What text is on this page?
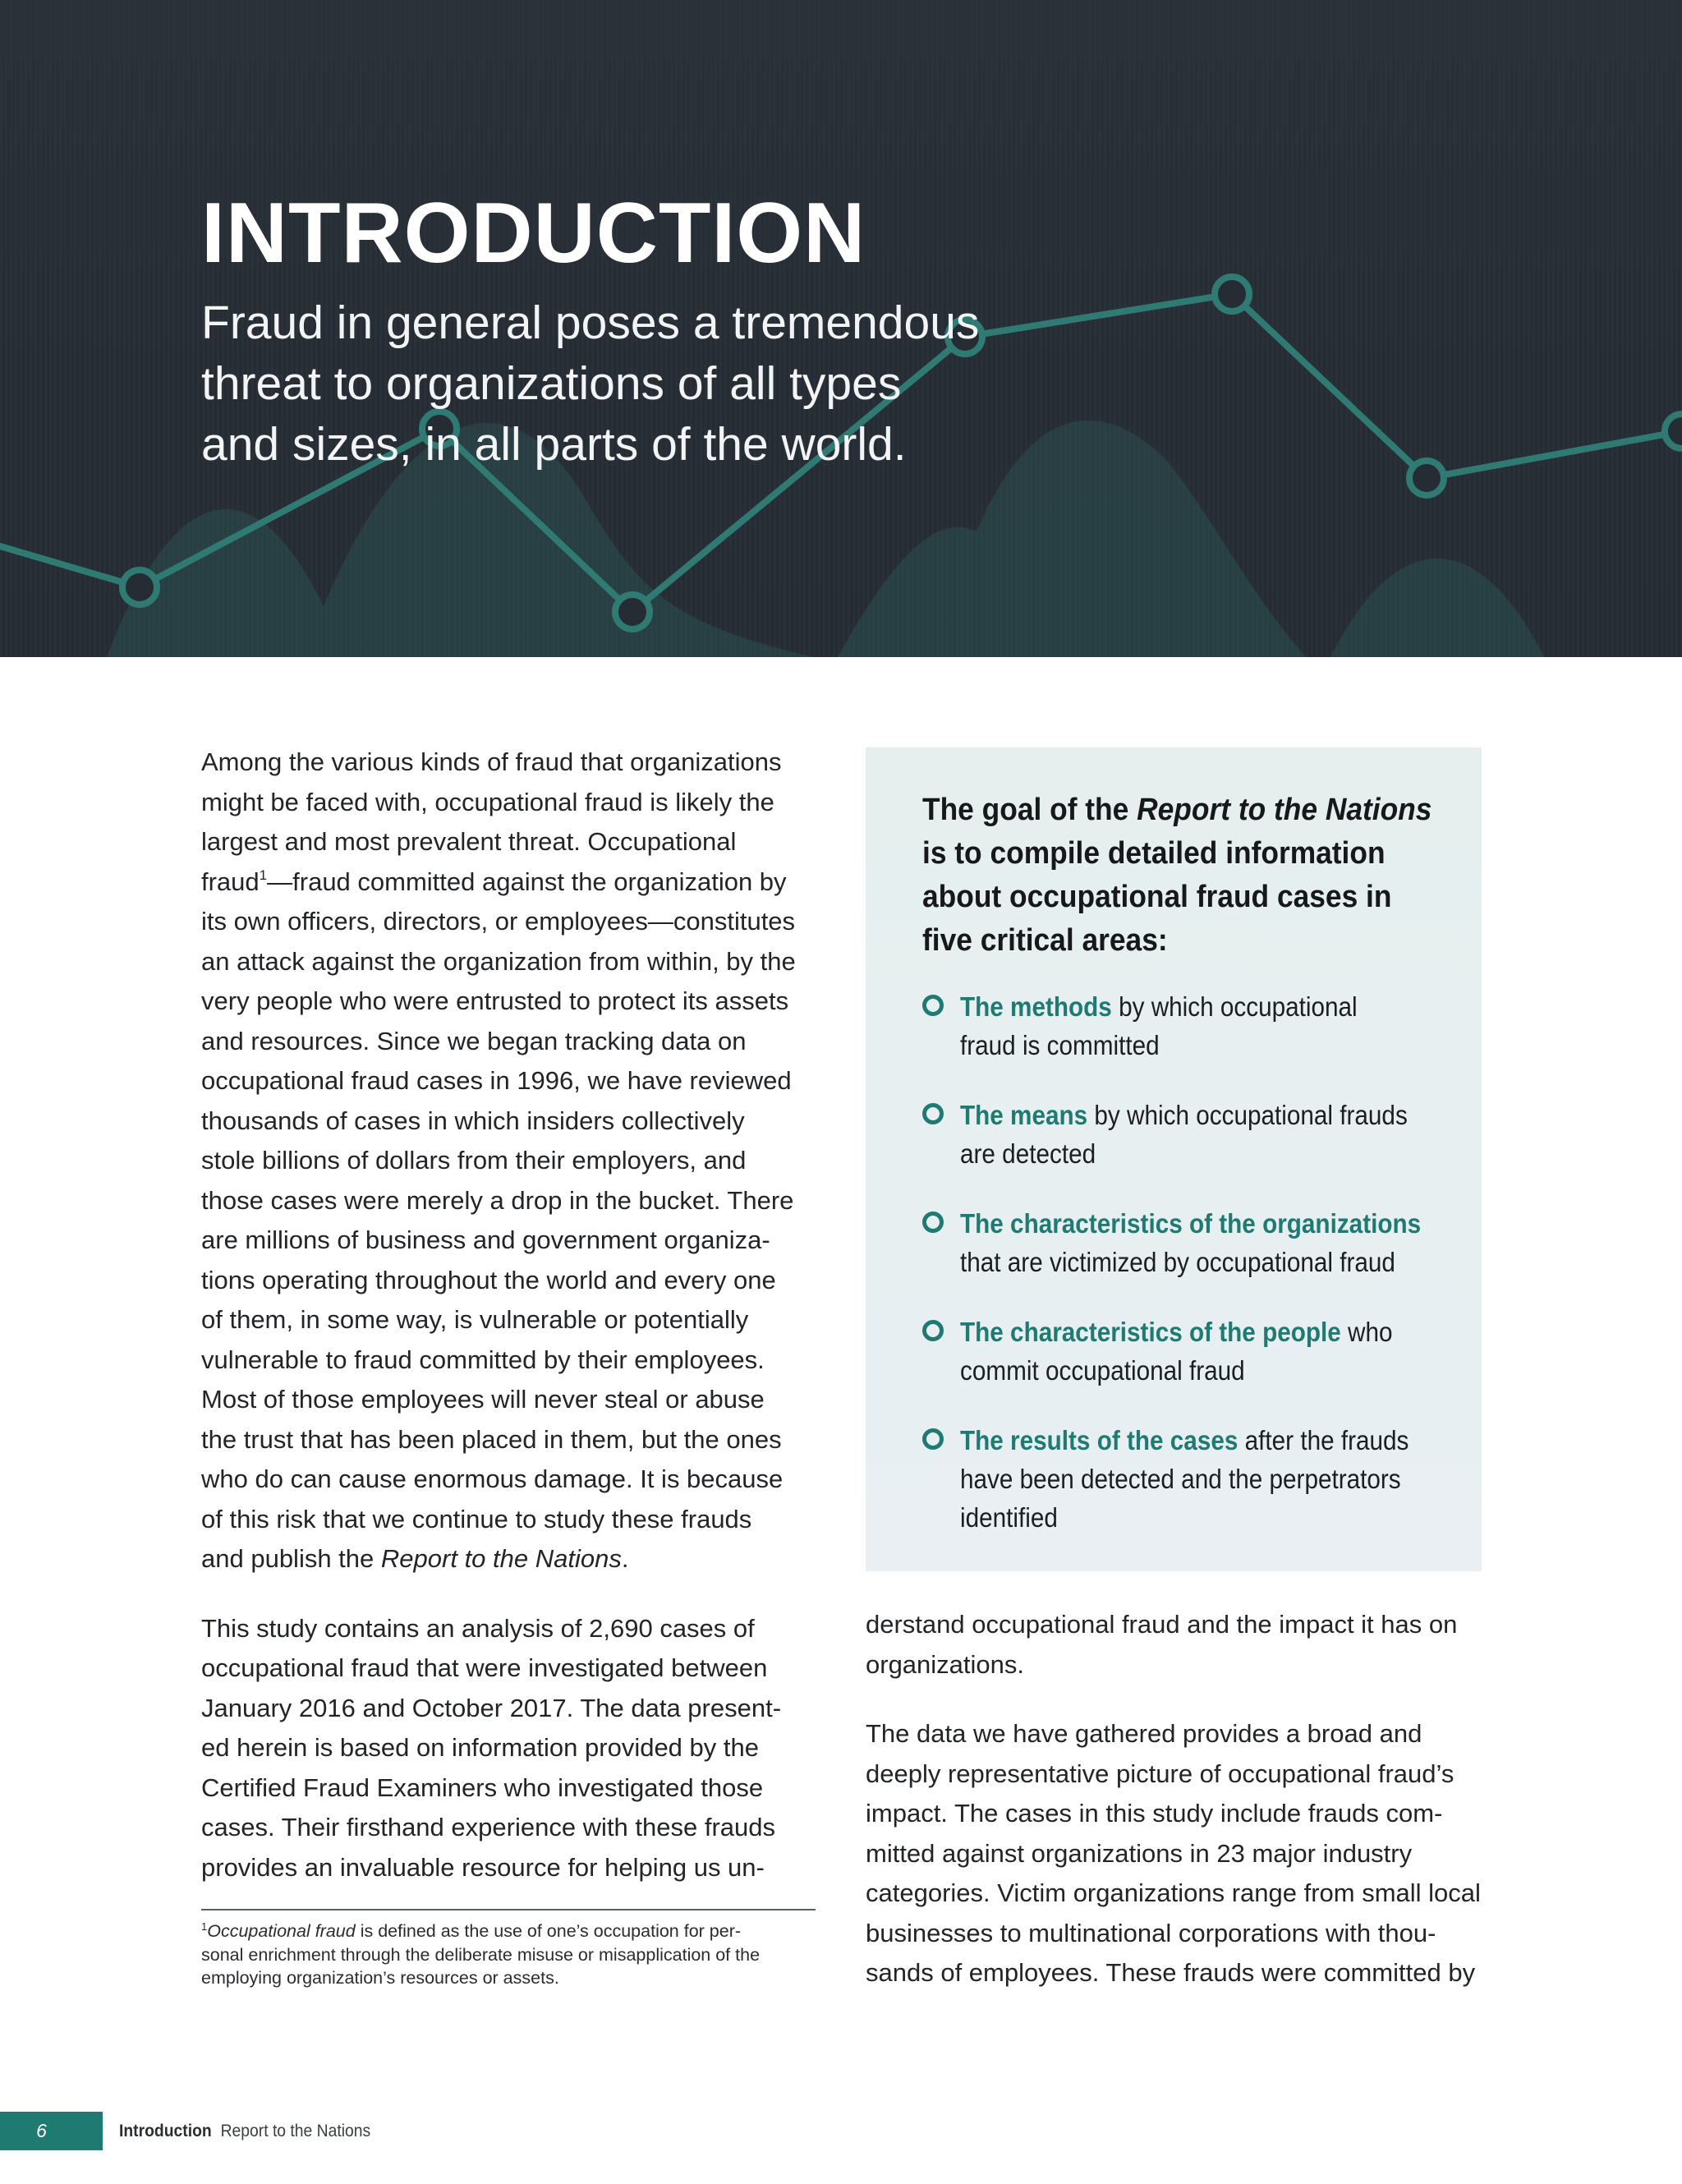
INTRODUCTION
Fraud in general poses a tremendous
threat to organizations of all types
and sizes, in all parts of the world.

Among the various kinds of fraud that organizations
might be faced with, occupational fraud is likely the
largest and most prevalent threat. Occupational
fraud$^1$—fraud committed against the organization by
its own officers, directors, or employees—constitutes
an attack against the organization from within, by the
very people who were entrusted to protect its assets
and resources. Since we began tracking data on
occupational fraud cases in 1996, we have reviewed
thousands of cases in which insiders collectively
stole billions of dollars from their employers, and
those cases were merely a drop in the bucket. There
are millions of business and government organiza-
tions operating throughout the world and every one
of them, in some way, is vulnerable or potentially
vulnerable to fraud committed by their employees.
Most of those employees will never steal or abuse
the trust that has been placed in them, but the ones
who do can cause enormous damage. It is because
of this risk that we continue to study these frauds
and publish the Report to the Nations.

This study contains an analysis of 2,690 cases of
occupational fraud that were investigated between
January 2016 and October 2017. The data present-
ed herein is based on information provided by the
Certified Fraud Examiners who investigated those
cases. Their firsthand experience with these frauds
provides an invaluable resource for helping us un-

$^1$Occupational fraud is defined as the use of one’s occupation for per-
sonal enrichment through the deliberate misuse or misapplication of the
employing organization’s resources or assets.
The goal of the Report to the Nations
is to compile detailed information
about occupational fraud cases in
five critical areas:
The methods by which occupational
fraud is committed
The means by which occupational frauds
are detected
The characteristics of the organizations
that are victimized by occupational fraud
The characteristics of the people who
commit occupational fraud
The results of the cases after the frauds
have been detected and the perpetrators
identified

derstand occupational fraud and the impact it has on
organizations.

The data we have gathered provides a broad and
deeply representative picture of occupational fraud’s
impact. The cases in this study include frauds com-
mitted against organizations in 23 major industry
categories. Victim organizations range from small local
businesses to multinational corporations with thou-
sands of employees. These frauds were committed by

6	Introduction Report to the Nations
